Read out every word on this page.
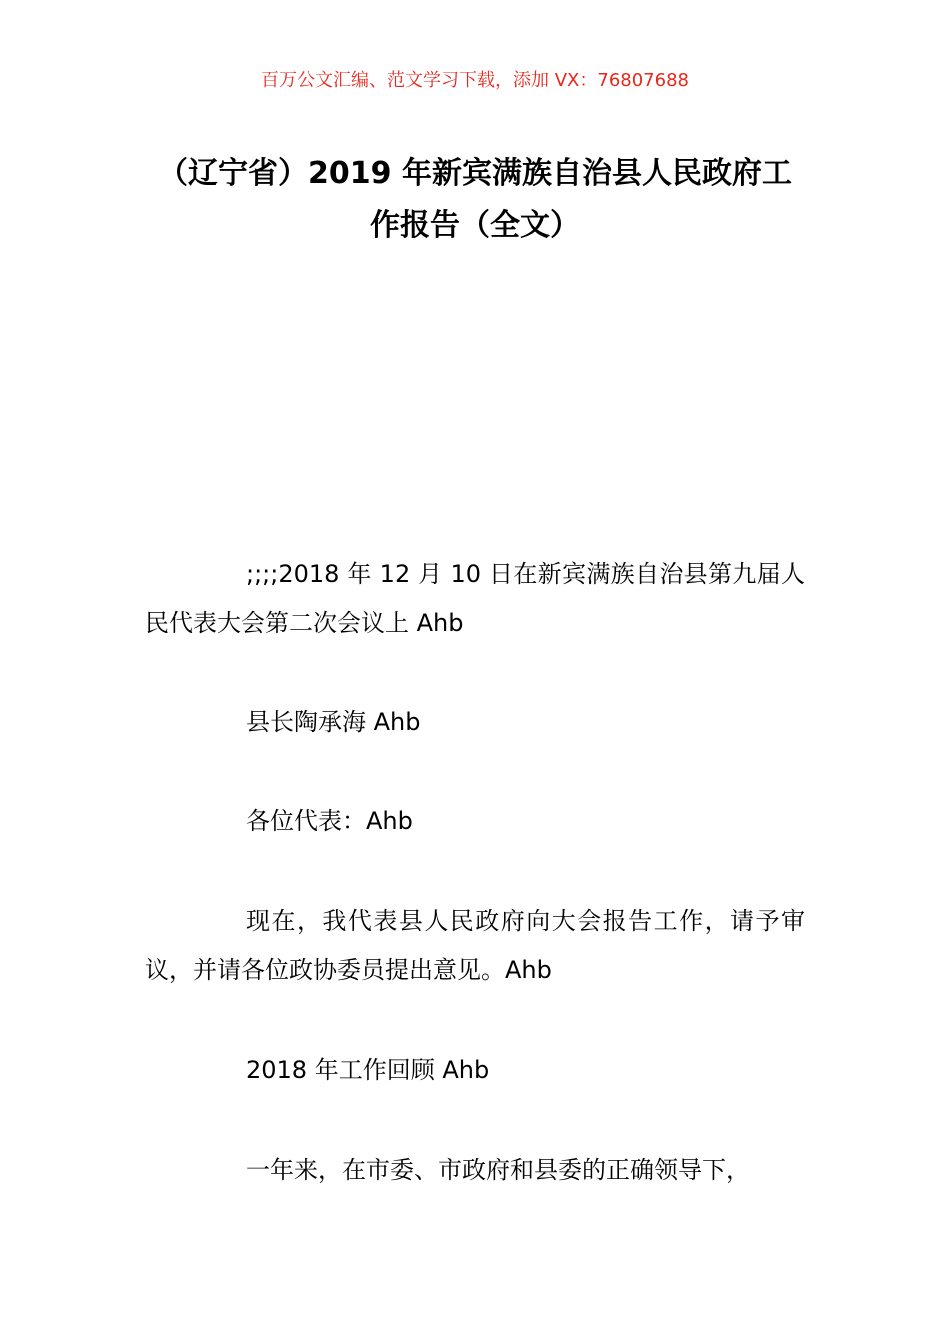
百万公文汇编、范文学习下载，添加 VX：76807688
（辽宁省）2019 年新宾满族自治县人民政府工作报告（全文）

;;;;2018 年 12 月 10 日在新宾满族自治县第九届人民代表大会第二次会议上 Ahb

县长陶承海 Ahb

各位代表：Ahb

现在，我代表县人民政府向大会报告工作，请予审议，并请各位政协委员提出意见。Ahb

2018 年工作回顾 Ahb

一年来，在市委、市政府和县委的正确领导下，
